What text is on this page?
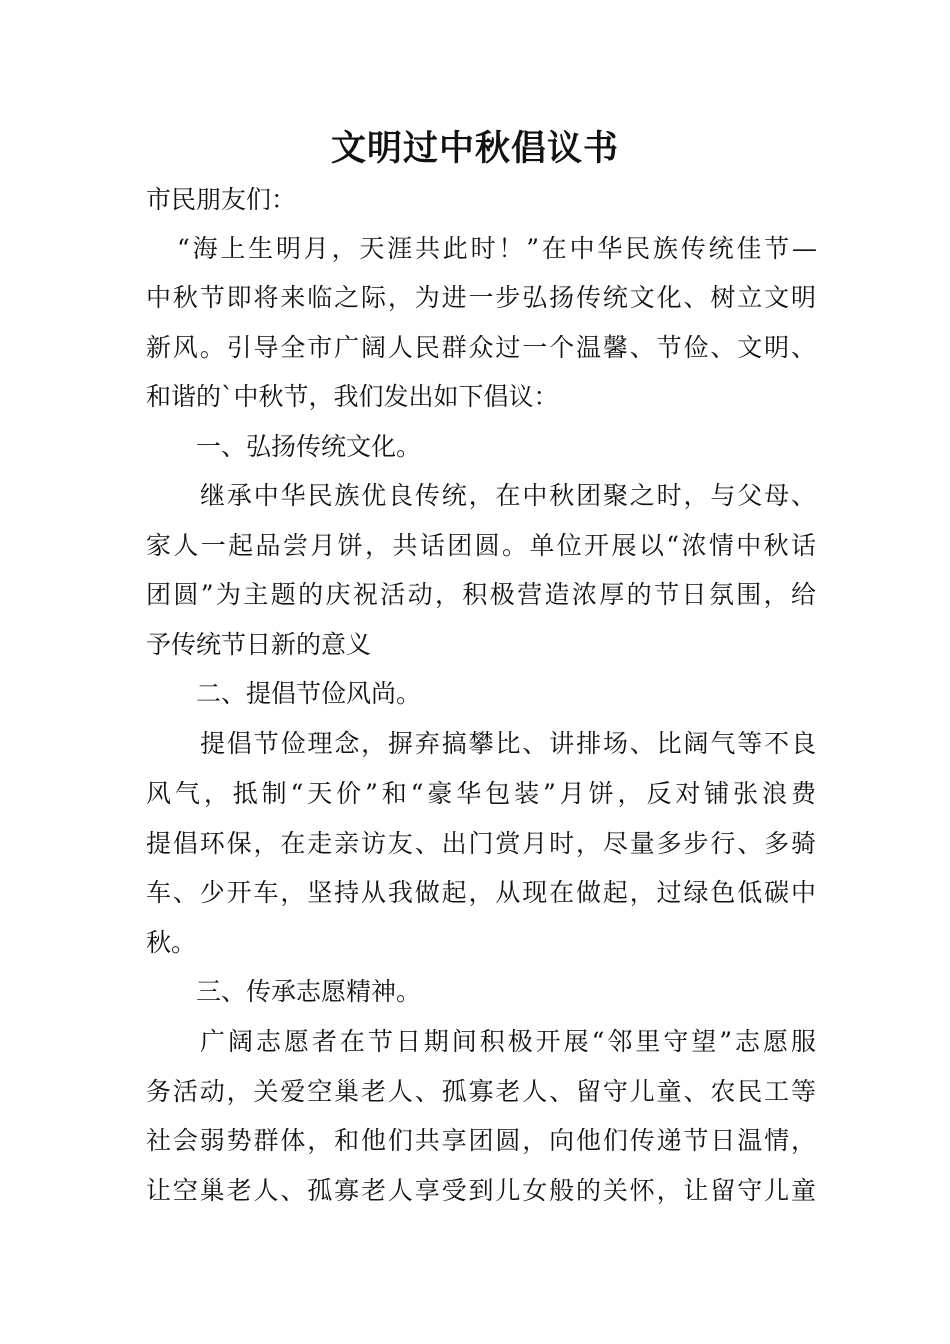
文明过中秋倡议书
市民朋友们：
“海上生明月，天涯共此时！”在中华民族传统佳节—
中秋节即将来临之际，为进一步弘扬传统文化、树立文明
新风。引导全市广阔人民群众过一个温馨、节俭、文明、
和谐的`中秋节，我们发出如下倡议：
一、弘扬传统文化。
继承中华民族优良传统，在中秋团聚之时，与父母、
家人一起品尝月饼，共话团圆。单位开展以“浓情中秋话
团圆”为主题的庆祝活动，积极营造浓厚的节日氛围，给
予传统节日新的意义
二、提倡节俭风尚。
提倡节俭理念，摒弃搞攀比、讲排场、比阔气等不良
风气，抵制“天价”和“豪华包装”月饼，反对铺张浪费
提倡环保，在走亲访友、出门赏月时，尽量多步行、多骑
车、少开车，坚持从我做起，从现在做起，过绿色低碳中
秋。
三、传承志愿精神。
广阔志愿者在节日期间积极开展“邻里守望”志愿服
务活动，关爱空巢老人、孤寡老人、留守儿童、农民工等
社会弱势群体，和他们共享团圆，向他们传递节日温情，
让空巢老人、孤寡老人享受到儿女般的关怀，让留守儿童
